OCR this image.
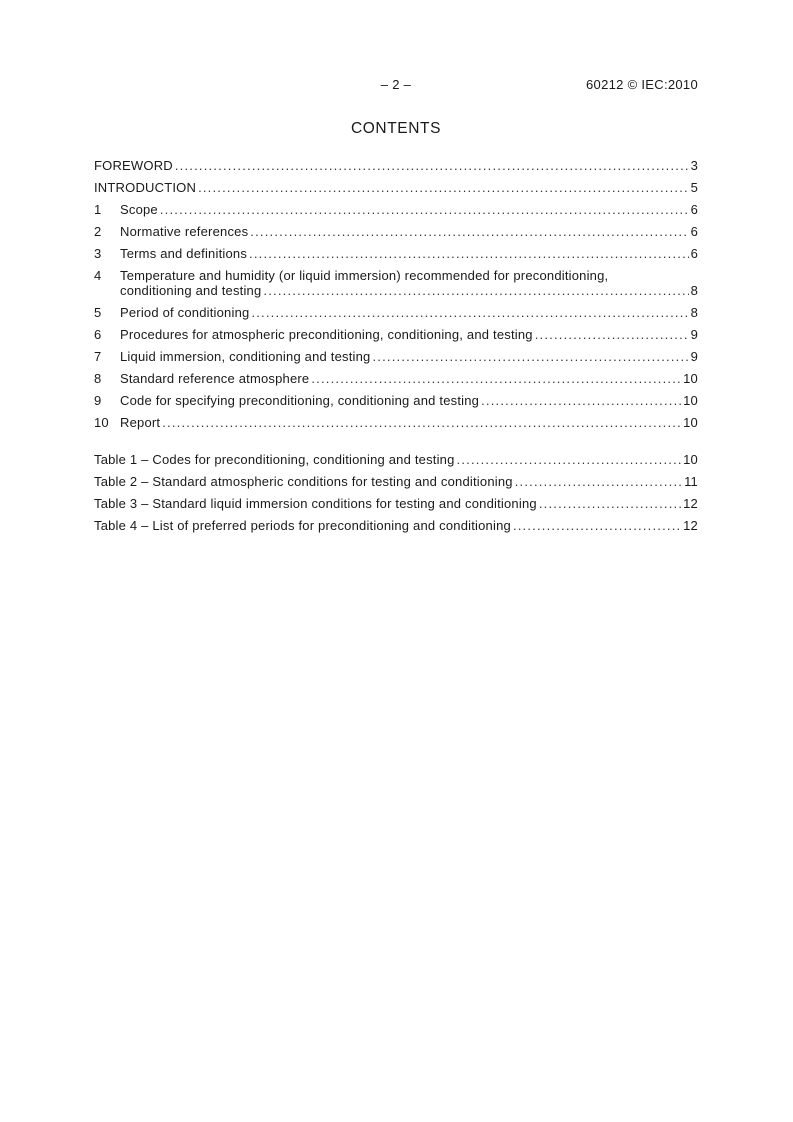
– 2 –	60212 © IEC:2010
CONTENTS
FOREWORD .....	3
INTRODUCTION .....	5
1	Scope .....	6
2	Normative references .....	6
3	Terms and definitions .....	6
4	Temperature and humidity (or liquid immersion) recommended for preconditioning,
conditioning and testing .....	8
5	Period of conditioning .....	8
6	Procedures for atmospheric preconditioning, conditioning, and testing .....	9
7	Liquid immersion, conditioning and testing .....	9
8	Standard reference atmosphere .....	10
9	Code for specifying preconditioning, conditioning and testing .....	10
10 Report .....	10
Table 1 – Codes for preconditioning, conditioning and testing .....	10
Table 2 – Standard atmospheric conditions for testing and conditioning .....	11
Table 3 – Standard liquid immersion conditions for testing and conditioning .....	12
Table 4 – List of preferred periods for preconditioning and conditioning .....	12
